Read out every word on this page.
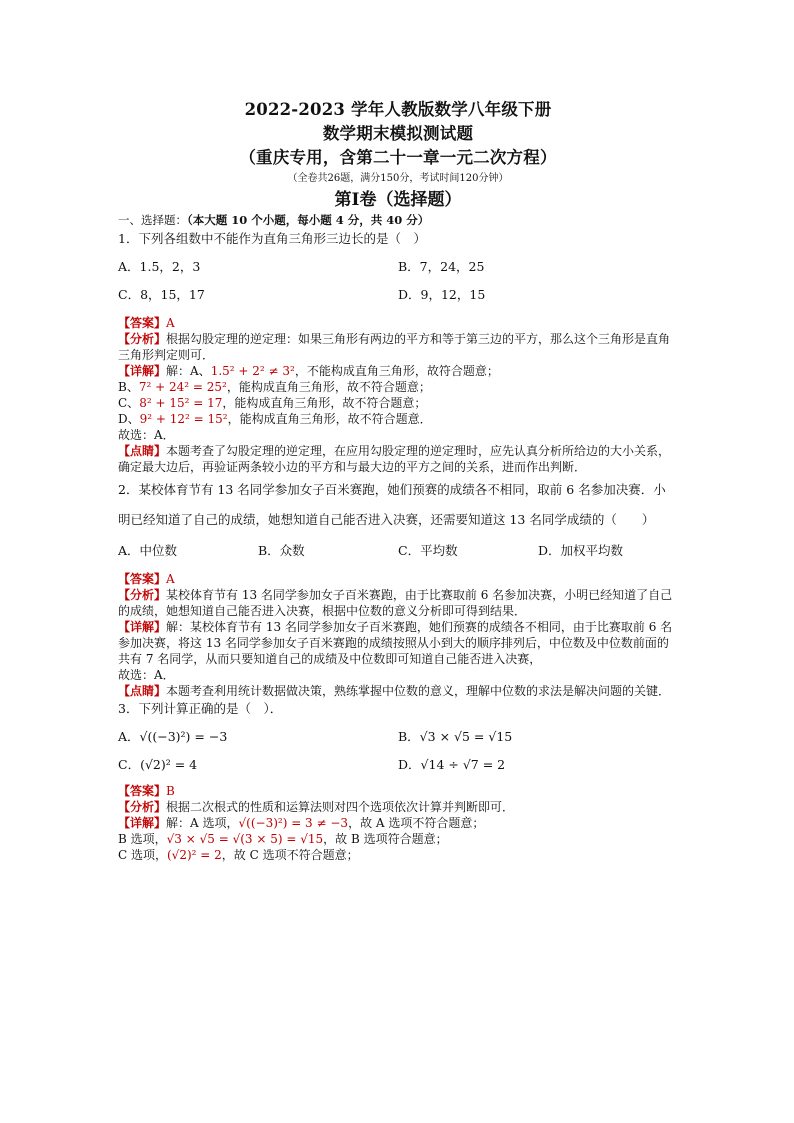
2022-2023 学年人教版数学八年级下册
数学期末模拟测试题
（重庆专用，含第二十一章一元二次方程）
（全卷共26题，满分150分，考试时间120分钟）
第Ⅰ卷（选择题）
一、选择题：（本大题 10 个小题，每小题 4 分，共 40 分）
1．下列各组数中不能作为直角三角形三边长的是（　）
A．1.5，2，3	B．7，24，25
C．8，15，17	D．9，12，15
【答案】A
【分析】根据勾股定理的逆定理：如果三角形有两边的平方和等于第三边的平方，那么这个三角形是直角三角形判定则可．
【详解】解：A、1.5² + 2² ≠ 3²，不能构成直角三角形，故符合题意；
B、7² + 24² = 25²，能构成直角三角形，故不符合题意；
C、8² + 15² = 17，能构成直角三角形，故不符合题意；
D、9² + 12² = 15²，能构成直角三角形，故不符合题意．
故选：A．
【点睛】本题考查了勾股定理的逆定理，在应用勾股定理的逆定理时，应先认真分析所给边的大小关系，确定最大边后，再验证两条较小边的平方和与最大边的平方之间的关系，进而作出判断．
2．某校体育节有 13 名同学参加女子百米赛跑，她们预赛的成绩各不相同，取前 6 名参加决赛．小明已经知道了自己的成绩，她想知道自己能否进入决赛，还需要知道这 13 名同学成绩的（　　）
A．中位数	B．众数	C．平均数	D．加权平均数
【答案】A
【分析】某校体育节有 13 名同学参加女子百米赛跑，由于比赛取前 6 名参加决赛，小明已经知道了自己的成绩，她想知道自己能否进入决赛，根据中位数的意义分析即可得到结果．
【详解】解：某校体育节有 13 名同学参加女子百米赛跑，她们预赛的成绩各不相同，由于比赛取前 6 名参加决赛，将这 13 名同学参加女子百米赛跑的成绩按照从小到大的顺序排列后，中位数及中位数前面的共有 7 名同学，从而只要知道自己的成绩及中位数即可知道自己能否进入决赛，
故选：A．
【点睛】本题考查利用统计数据做决策，熟练掌握中位数的意义，理解中位数的求法是解决问题的关键．
3．下列计算正确的是（　）．
A．√((−3)²) = −3	B．√3 × √5 = √15
C．(√2)² = 4	D．√14 ÷ √7 = 2
【答案】B
【分析】根据二次根式的性质和运算法则对四个选项依次计算并判断即可．
【详解】解：A 选项，√((−3)²) = 3 ≠ −3，故 A 选项不符合题意；
B 选项，√3 × √5 = √(3 × 5) = √15，故 B 选项符合题意；
C 选项，(√2)² = 2，故 C 选项不符合题意；
